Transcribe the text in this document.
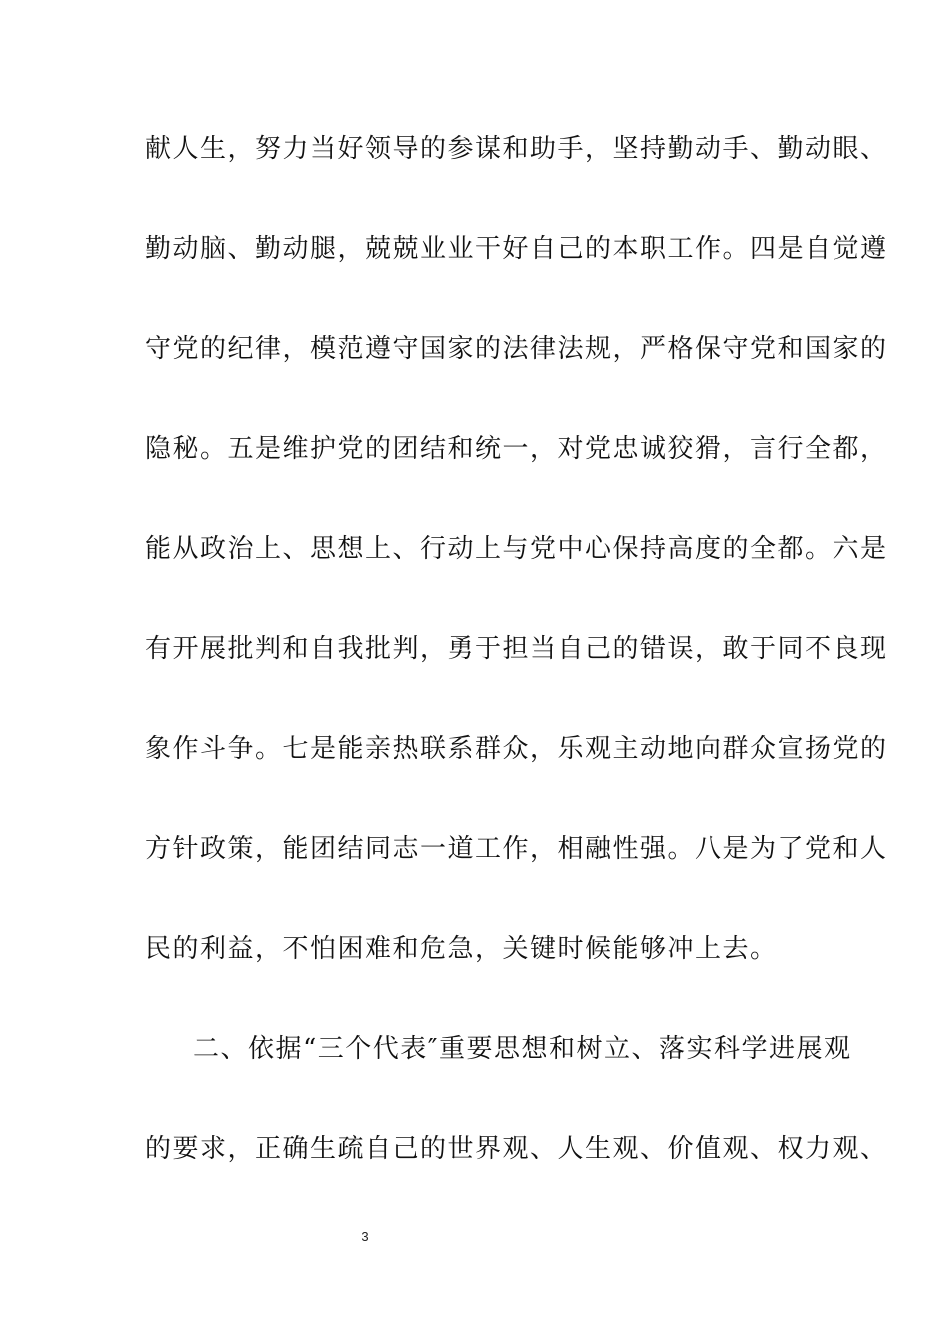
献人生，努力当好领导的参谋和助手，坚持勤动手、勤动眼、
勤动脑、勤动腿，兢兢业业干好自己的本职工作。四是自觉遵
守党的纪律，模范遵守国家的法律法规，严格保守党和国家的
隐秘。五是维护党的团结和统一，对党忠诚狡猾，言行全都，
能从政治上、思想上、行动上与党中心保持高度的全都。六是
有开展批判和自我批判，勇于担当自己的错误，敢于同不良现
象作斗争。七是能亲热联系群众，乐观主动地向群众宣扬党的
方针政策，能团结同志一道工作，相融性强。八是为了党和人
民的利益，不怕困难和危急，关键时候能够冲上去。
二、依据“三个代表″重要思想和树立、落实科学进展观
的要求，正确生疏自己的世界观、人生观、价值观、权力观、
3
